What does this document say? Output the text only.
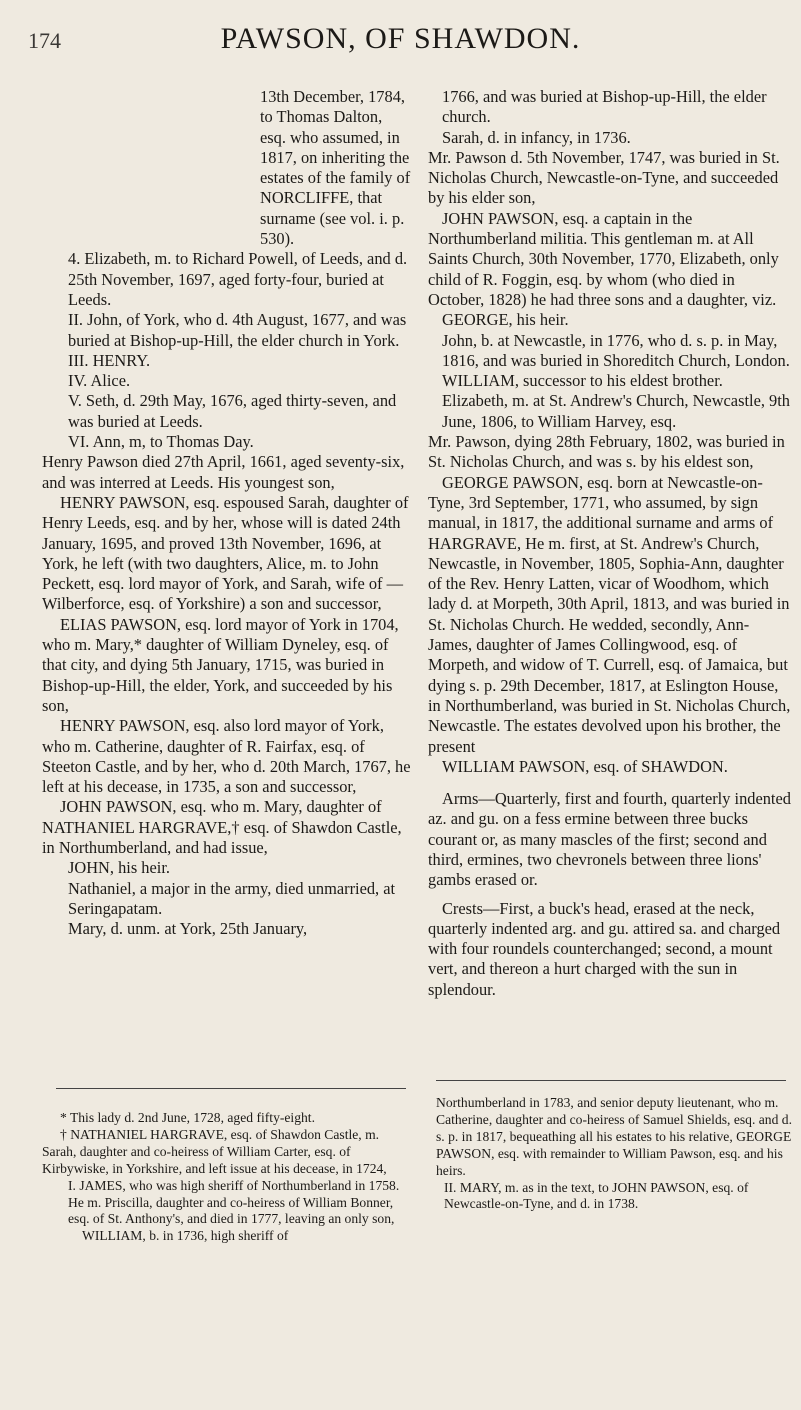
174	PAWSON, OF SHAWDON.

13th December, 1784, to Thomas Dalton, esq. who assumed, in 1817, on inheriting the estates of the family of NORCLIFFE, that surname (see vol. i. p. 530).

4. Elizabeth, m. to Richard Powell, of Leeds, and d. 25th November, 1697, aged forty-four, buried at Leeds.

II. John, of York, who d. 4th August, 1677, and was buried at Bishop-up-Hill, the elder church in York.

III. HENRY.

IV. Alice.

V. Seth, d. 29th May, 1676, aged thirty-seven, and was buried at Leeds.

VI. Ann, m, to Thomas Day.

Henry Pawson died 27th April, 1661, aged seventy-six, and was interred at Leeds. His youngest son,

HENRY PAWSON, esq. espoused Sarah, daughter of Henry Leeds, esq. and by her, whose will is dated 24th January, 1695, and proved 13th November, 1696, at York, he left (with two daughters, Alice, m. to John Peckett, esq. lord mayor of York, and Sarah, wife of — Wilberforce, esq. of Yorkshire) a son and successor,

ELIAS PAWSON, esq. lord mayor of York in 1704, who m. Mary,* daughter of William Dyneley, esq. of that city, and dying 5th January, 1715, was buried in Bishop-up-Hill, the elder, York, and succeeded by his son,

HENRY PAWSON, esq. also lord mayor of York, who m. Catherine, daughter of R. Fairfax, esq. of Steeton Castle, and by her, who d. 20th March, 1767, he left at his decease, in 1735, a son and successor,

JOHN PAWSON, esq. who m. Mary, daughter of NATHANIEL HARGRAVE,† esq. of Shawdon Castle, in Northumberland, and had issue,

JOHN, his heir.

Nathaniel, a major in the army, died unmarried, at Seringapatam.

Mary, d. unm. at York, 25th January,

1766, and was buried at Bishop-up-Hill, the elder church.

Sarah, d. in infancy, in 1736.

Mr. Pawson d. 5th November, 1747, was buried in St. Nicholas Church, Newcastle-on-Tyne, and succeeded by his elder son,

JOHN PAWSON, esq. a captain in the Northumberland militia. This gentleman m. at All Saints Church, 30th November, 1770, Elizabeth, only child of R. Foggin, esq. by whom (who died in October, 1828) he had three sons and a daughter, viz.

GEORGE, his heir.

John, b. at Newcastle, in 1776, who d. s. p. in May, 1816, and was buried in Shoreditch Church, London.

WILLIAM, successor to his eldest brother.

Elizabeth, m. at St. Andrew's Church, Newcastle, 9th June, 1806, to William Harvey, esq.

Mr. Pawson, dying 28th February, 1802, was buried in St. Nicholas Church, and was s. by his eldest son,

GEORGE PAWSON, esq. born at Newcastle-on-Tyne, 3rd September, 1771, who assumed, by sign manual, in 1817, the additional surname and arms of HARGRAVE, He m. first, at St. Andrew's Church, Newcastle, in November, 1805, Sophia-Ann, daughter of the Rev. Henry Latten, vicar of Woodhom, which lady d. at Morpeth, 30th April, 1813, and was buried in St. Nicholas Church. He wedded, secondly, Ann-James, daughter of James Collingwood, esq. of Morpeth, and widow of T. Currell, esq. of Jamaica, but dying s. p. 29th December, 1817, at Eslington House, in Northumberland, was buried in St. Nicholas Church, Newcastle. The estates devolved upon his brother, the present

WILLIAM PAWSON, esq. of SHAWDON.

Arms—Quarterly, first and fourth, quarterly indented az. and gu. on a fess ermine between three bucks courant or, as many mascles of the first; second and third, ermines, two chevronels between three lions' gambs erased or.

Crests—First, a buck's head, erased at the neck, quarterly indented arg. and gu. attired sa. and charged with four roundels counterchanged; second, a mount vert, and thereon a hurt charged with the sun in splendour.

* This lady d. 2nd June, 1728, aged fifty-eight.

† NATHANIEL HARGRAVE, esq. of Shawdon Castle, m. Sarah, daughter and co-heiress of William Carter, esq. of Kirbywiske, in Yorkshire, and left issue at his decease, in 1724,

I. JAMES, who was high sheriff of Northumberland in 1758. He m. Priscilla, daughter and co-heiress of William Bonner, esq. of St. Anthony's, and died in 1777, leaving an only son,

WILLIAM, b. in 1736, high sheriff of

Northumberland in 1783, and senior deputy lieutenant, who m. Catherine, daughter and co-heiress of Samuel Shields, esq. and d. s. p. in 1817, bequeathing all his estates to his relative, GEORGE PAWSON, esq. with remainder to William Pawson, esq. and his heirs.

II. MARY, m. as in the text, to JOHN PAWSON, esq. of Newcastle-on-Tyne, and d. in 1738.
